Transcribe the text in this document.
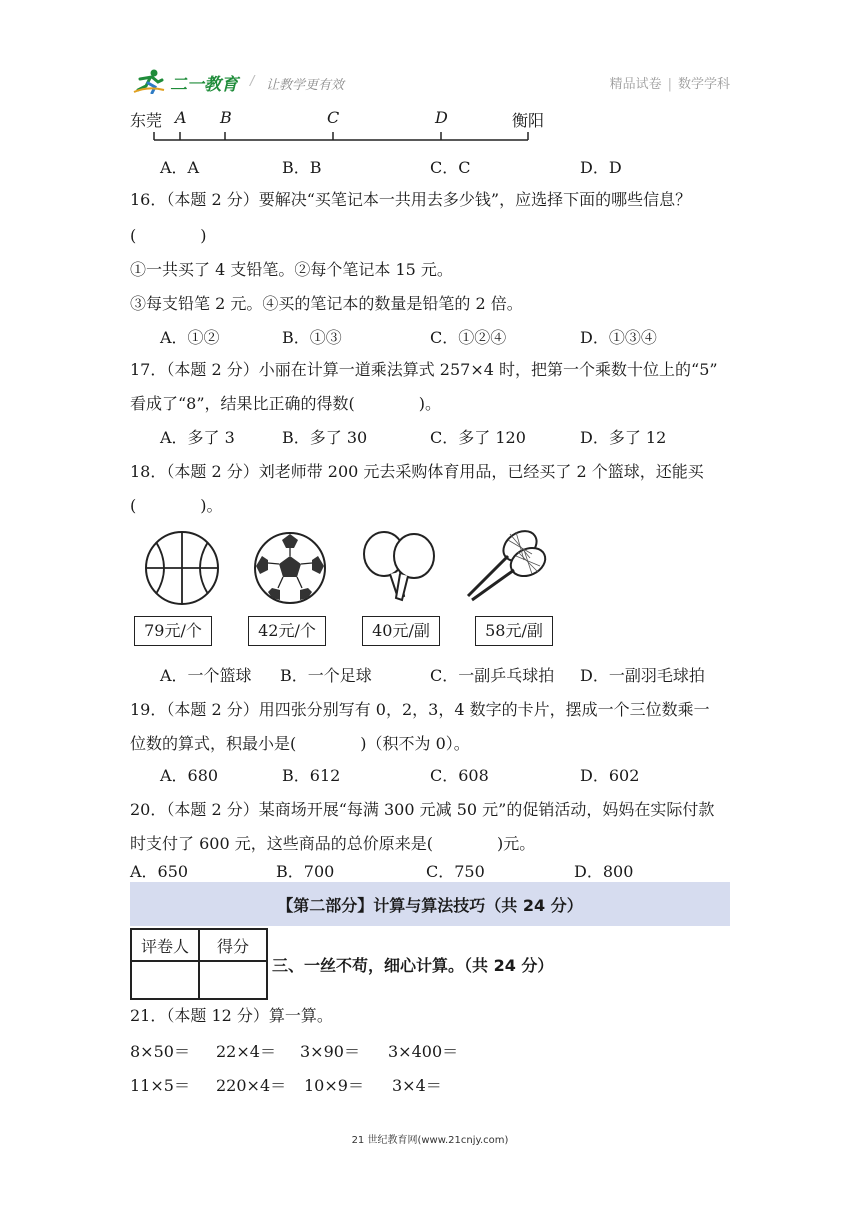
二一教育 / 让教学更有效	精品试卷 | 数学学科
东莞 A B	C	D	衡阳
A．A	B．B	C．C	D．D
16．（本题 2 分）要解决“买笔记本一共用去多少钱”，应选择下面的哪些信息？
(　　　　)
①一共买了 4 支铅笔。②每个笔记本 15 元。
③每支铅笔 2 元。④买的笔记本的数量是铅笔的 2 倍。
A．①②	B．①③	C．①②④	D．①③④
17．（本题 2 分）小丽在计算一道乘法算式 257×4 时，把第一个乘数十位上的“5”
看成了“8”，结果比正确的得数(　　　　)。
A．多了 3	B．多了 30	C．多了 120	D．多了 12
18．（本题 2 分）刘老师带 200 元去采购体育用品，已经买了 2 个篮球，还能买
(　　　　)。
79元/个	42元/个	40元/副	58元/副
A．一个篮球 B．一个足球	C．一副乒乓球拍 D．一副羽毛球拍
19．（本题 2 分）用四张分别写有 0，2，3，4 数字的卡片，摆成一个三位数乘一
位数的算式，积最小是(　　　　)（积不为 0）。
A．680	B．612	C．608	D．602
20．（本题 2 分）某商场开展“每满 300 元减 50 元”的促销活动，妈妈在实际付款
时支付了 600 元，这些商品的总价原来是(　　　　)元。
A．650	B．700	C．750	D．800
【第二部分】计算与算法技巧（共 24 分）
评卷人	得分

三、一丝不苟，细心计算。（共 24 分）
21．（本题 12 分）算一算。
8×50＝ 22×4＝ 3×90＝ 3×400＝
11×5＝ 220×4＝ 10×9＝ 3×4＝
21 世纪教育网(www.21cnjy.com)
